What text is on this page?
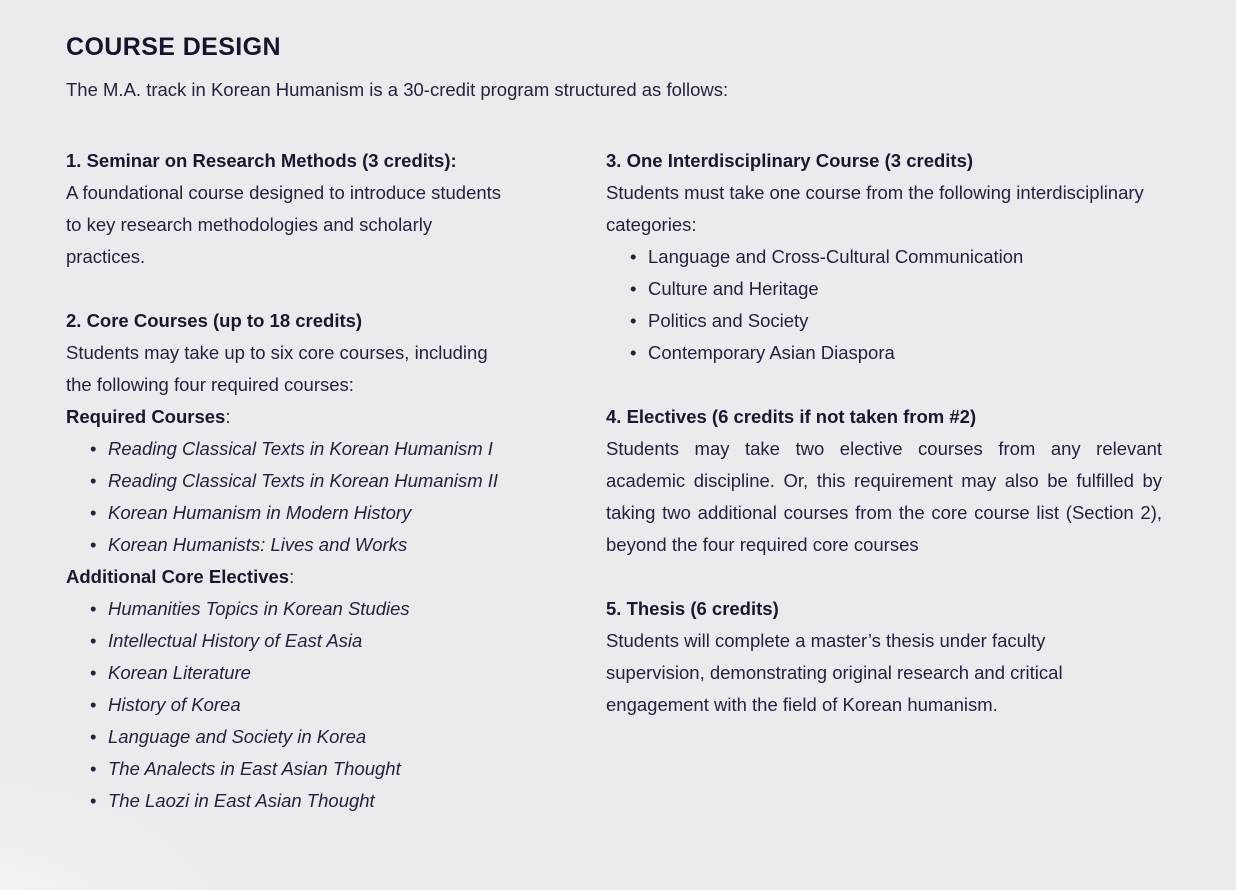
COURSE DESIGN

The M.A. track in Korean Humanism is a 30-credit program structured as follows:

1. Seminar on Research Methods (3 credits):

A foundational course designed to introduce students to key research methodologies and scholarly practices.

2. Core Courses (up to 18 credits)

Students may take up to six core courses, including the following four required courses:

Required Courses:

• Reading Classical Texts in Korean Humanism I
• Reading Classical Texts in Korean Humanism II
• Korean Humanism in Modern History
• Korean Humanists: Lives and Works

Additional Core Electives:

• Humanities Topics in Korean Studies
• Intellectual History of East Asia
• Korean Literature
• History of Korea
• Language and Society in Korea
• The Analects in East Asian Thought
• The Laozi in East Asian Thought

3. One Interdisciplinary Course (3 credits)

Students must take one course from the following interdisciplinary categories:

• Language and Cross-Cultural Communication
• Culture and Heritage
• Politics and Society
• Contemporary Asian Diaspora

4. Electives (6 credits if not taken from #2)

Students may take two elective courses from any relevant academic discipline. Or, this requirement may also be fulfilled by taking two additional courses from the core course list (Section 2), beyond the four required core courses

5. Thesis (6 credits)

Students will complete a master’s thesis under faculty supervision, demonstrating original research and critical engagement with the field of Korean humanism.
